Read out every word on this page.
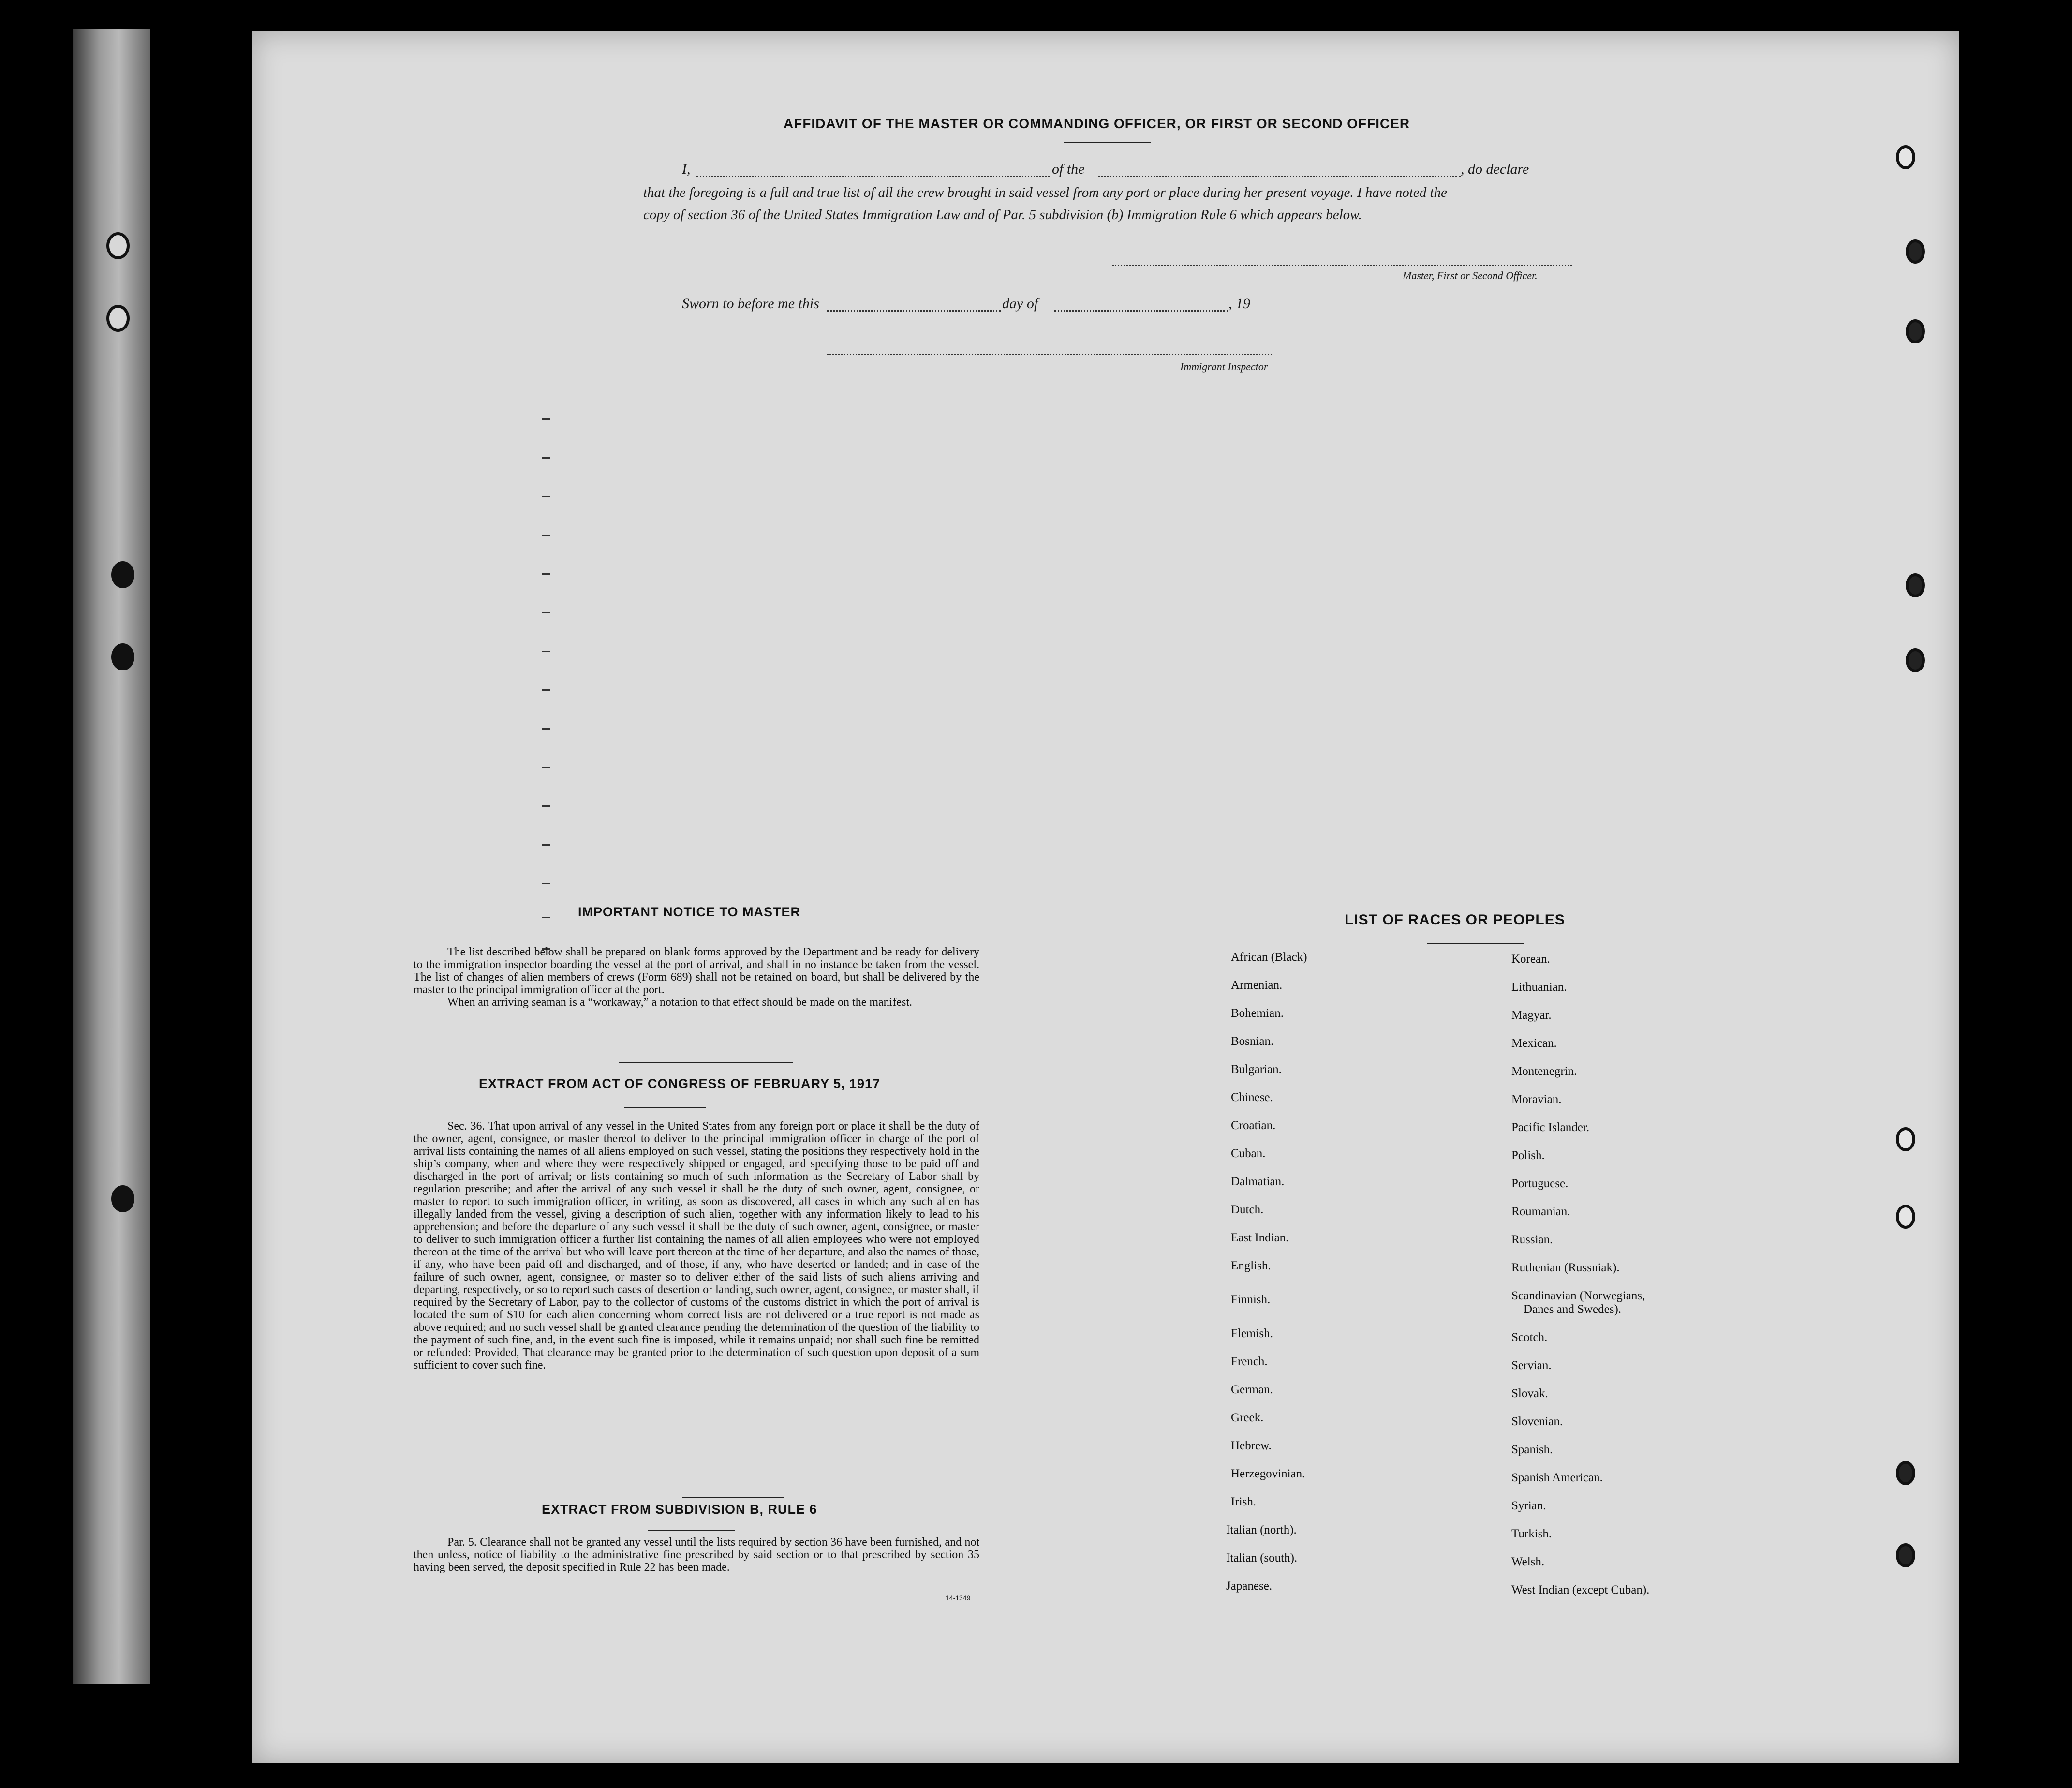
AFFIDAVIT OF THE MASTER OR COMMANDING OFFICER, OR FIRST OR SECOND OFFICER
I,	of the	, do declare
that the foregoing is a full and true list of all the crew brought in said vessel from any port or place during her present voyage. I have noted the
copy of section 36 of the United States Immigration Law and of Par. 5 subdivision (b) Immigration Rule 6 which appears below.
Master, First or Second Officer.
Sworn to before me this	day of	, 19
Immigrant Inspector
IMPORTANT NOTICE TO MASTER

The list described below shall be prepared on blank forms approved by the Department and be ready for delivery to the immigration inspector boarding the vessel at the port of arrival, and shall in no instance be taken from the vessel. The list of changes of alien members of crews (Form 689) shall not be retained on board, but shall be delivered by the master to the principal immigration officer at the port.

When an arriving seaman is a “workaway,” a notation to that effect should be made on the manifest.

EXTRACT FROM ACT OF CONGRESS OF FEBRUARY 5, 1917

Sec. 36. That upon arrival of any vessel in the United States from any foreign port or place it shall be the duty of the owner, agent, consignee, or master thereof to deliver to the principal immigration officer in charge of the port of arrival lists containing the names of all aliens employed on such vessel, stating the positions they respectively hold in the ship’s company, when and where they were respectively shipped or engaged, and specifying those to be paid off and discharged in the port of arrival; or lists containing so much of such information as the Secretary of Labor shall by regulation prescribe; and after the arrival of any such vessel it shall be the duty of such owner, agent, consignee, or master to report to such immigration officer, in writing, as soon as discovered, all cases in which any such alien has illegally landed from the vessel, giving a description of such alien, together with any information likely to lead to his apprehension; and before the departure of any such vessel it shall be the duty of such owner, agent, consignee, or master to deliver to such immigration officer a further list containing the names of all alien employees who were not employed thereon at the time of the arrival but who will leave port thereon at the time of her departure, and also the names of those, if any, who have been paid off and discharged, and of those, if any, who have deserted or landed; and in case of the failure of such owner, agent, consignee, or master so to deliver either of the said lists of such aliens arriving and departing, respectively, or so to report such cases of desertion or landing, such owner, agent, consignee, or master shall, if required by the Secretary of Labor, pay to the collector of customs of the customs district in which the port of arrival is located the sum of $10 for each alien concerning whom correct lists are not delivered or a true report is not made as above required; and no such vessel shall be granted clearance pending the determination of the question of the liability to the payment of such fine, and, in the event such fine is imposed, while it remains unpaid; nor shall such fine be remitted or refunded: Provided, That clearance may be granted prior to the determination of such question upon deposit of a sum sufficient to cover such fine.

EXTRACT FROM SUBDIVISION B, RULE 6

Par. 5. Clearance shall not be granted any vessel until the lists required by section 36 have been furnished, and not then unless, notice of liability to the administrative fine prescribed by said section or to that prescribed by section 35 having been served, the deposit specified in Rule 22 has been made.

14-1349
LIST OF RACES OR PEOPLES
African (Black)
Armenian.
Bohemian.
Bosnian.
Bulgarian.
Chinese.
Croatian.
Cuban.
Dalmatian.
Dutch.
East Indian.
English.
Finnish.
Flemish.
French.
German.
Greek.
Hebrew.
Herzegovinian.
Irish.
Italian (north).
Italian (south).
Japanese.
Korean.
Lithuanian.
Magyar.
Mexican.
Montenegrin.
Moravian.
Pacific Islander.
Polish.
Portuguese.
Roumanian.
Russian.
Ruthenian (Russniak).
Scandinavian (Norwegians,
Danes and Swedes).
Scotch.
Servian.
Slovak.
Slovenian.
Spanish.
Spanish American.
Syrian.
Turkish.
Welsh.
West Indian (except Cuban).
